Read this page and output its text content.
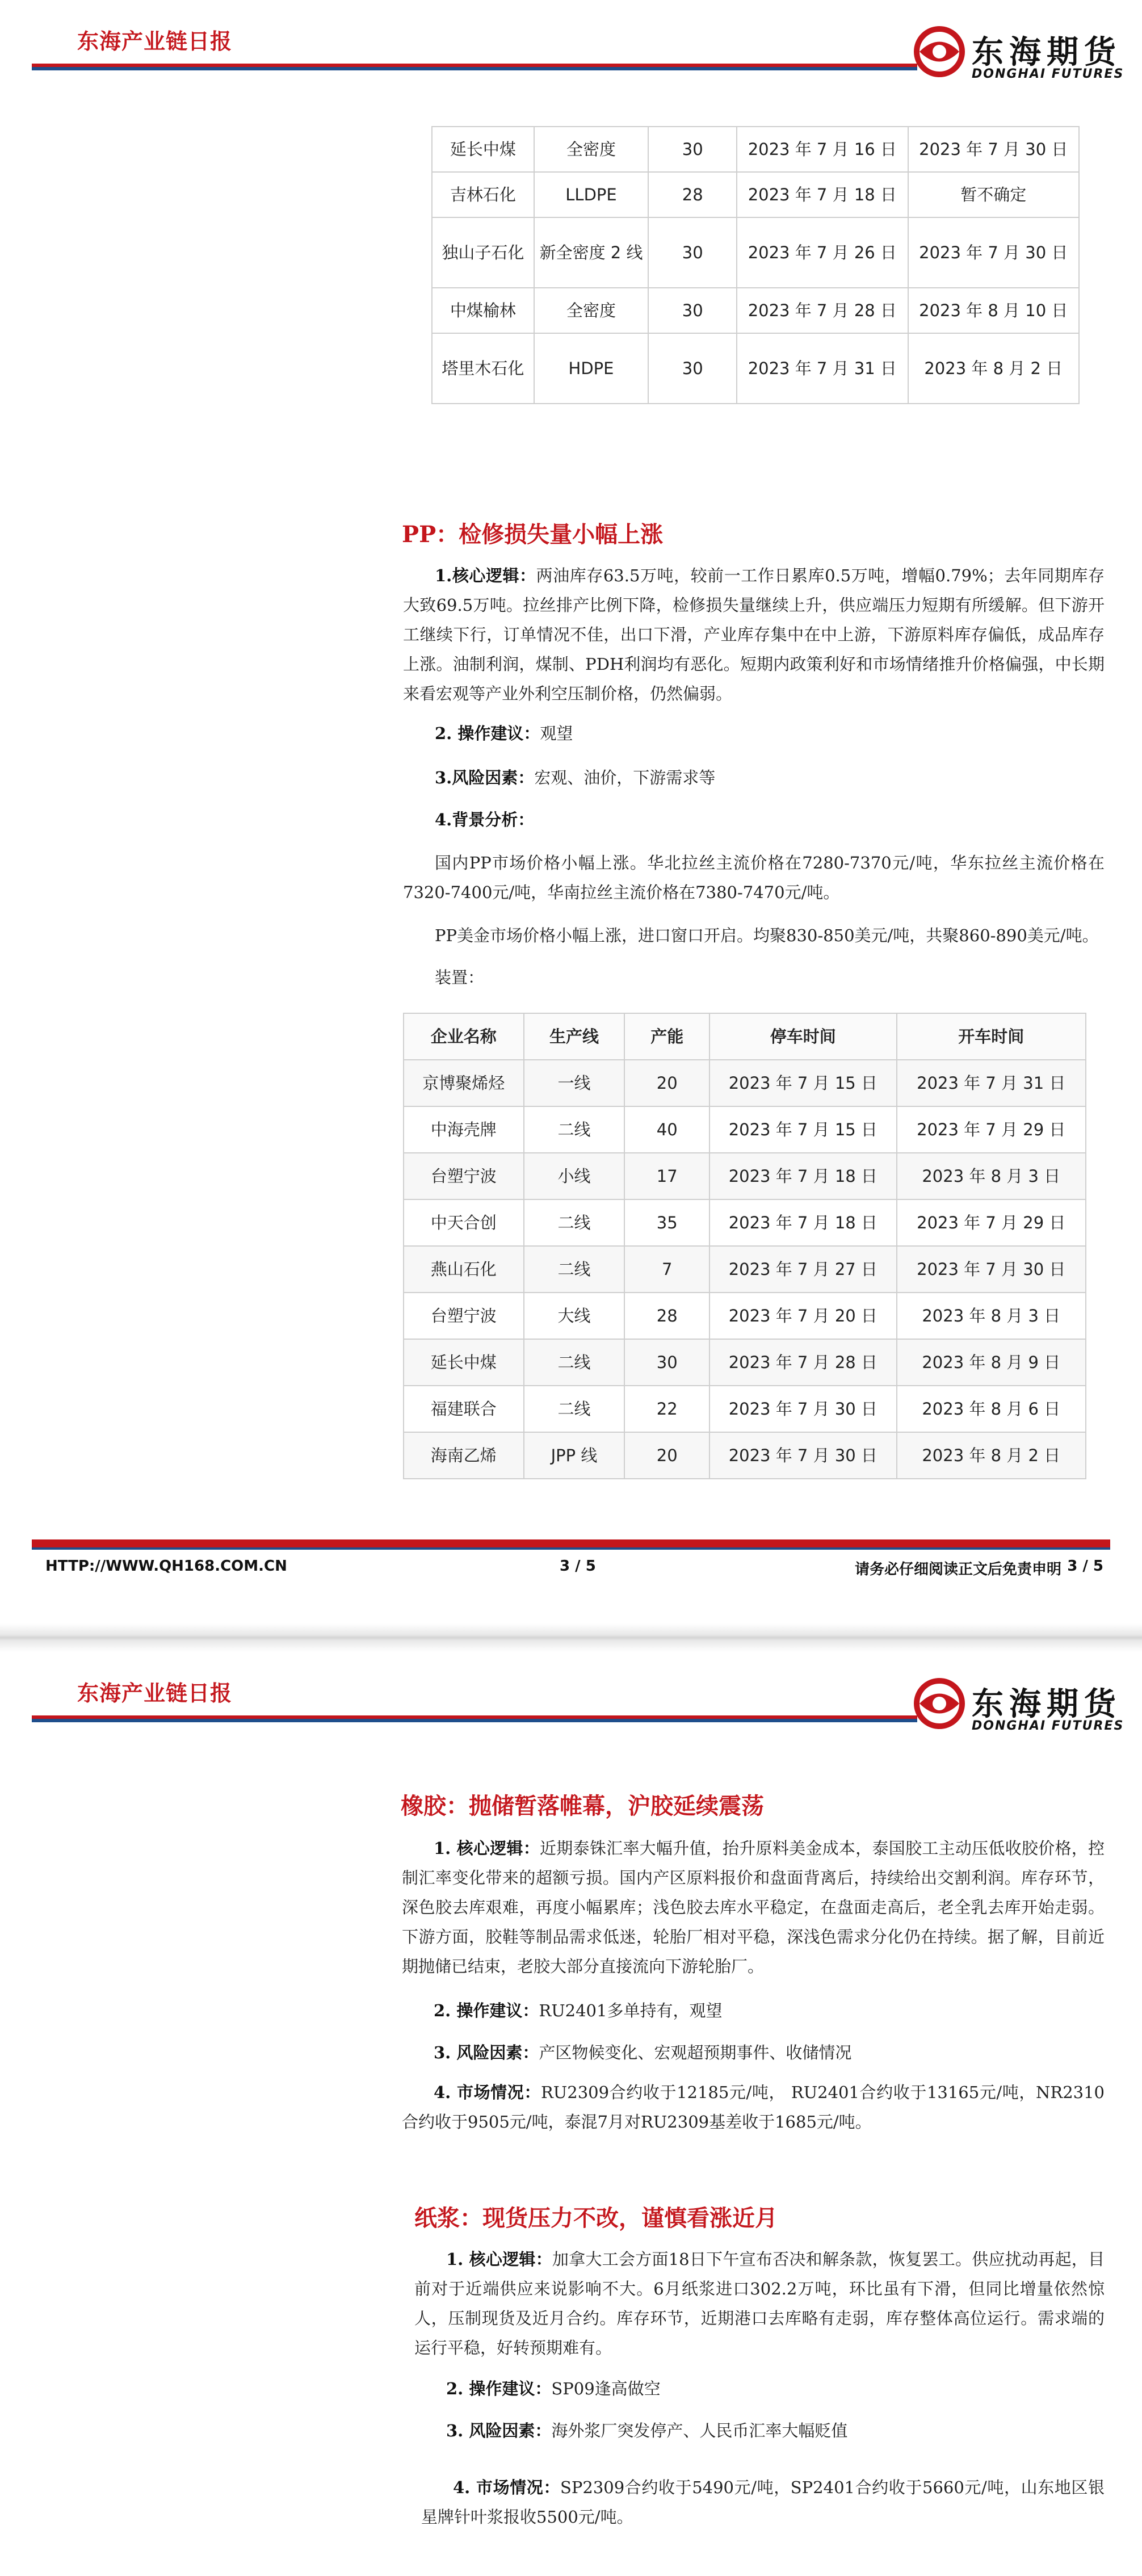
东海产业链日报	东海期货
DONGHAI FUTURES
延长中煤	全密度	30	2023 年 7 月 16 日	2023 年 7 月 30 日
吉林石化	LLDPE	28	2023 年 7 月 18 日	暂不确定
独山子石化	新全密度 2 线	30	2023 年 7 月 26 日	2023 年 7 月 30 日
中煤榆林	全密度	30	2023 年 7 月 28 日	2023 年 8 月 10 日
塔里木石化	HDPE	30	2023 年 7 月 31 日	2023 年 8 月 2 日
PP：检修损失量小幅上涨
1.核心逻辑：两油库存63.5万吨，较前一工作日累库0.5万吨，增幅0.79%；去年同期库存大致69.5万吨。拉丝排产比例下降，检修损失量继续上升，供应端压力短期有所缓解。但下游开工继续下行，订单情况不佳，出口下滑，产业库存集中在中上游，下游原料库存偏低，成品库存上涨。油制利润，煤制、PDH利润均有恶化。短期内政策利好和市场情绪推升价格偏强，中长期来看宏观等产业外利空压制价格，仍然偏弱。
2. 操作建议：观望
3.风险因素：宏观、油价，下游需求等
4.背景分析：
国内PP市场价格小幅上涨。华北拉丝主流价格在7280-7370元/吨，华东拉丝主流价格在7320-7400元/吨，华南拉丝主流价格在7380-7470元/吨。
PP美金市场价格小幅上涨，进口窗口开启。均聚830-850美元/吨，共聚860-890美元/吨。
装置：
企业名称	生产线	产能	停车时间	开车时间
京博聚烯烃	一线	20	2023 年 7 月 15 日	2023 年 7 月 31 日
中海壳牌	二线	40	2023 年 7 月 15 日	2023 年 7 月 29 日
台塑宁波	小线	17	2023 年 7 月 18 日	2023 年 8 月 3 日
中天合创	二线	35	2023 年 7 月 18 日	2023 年 7 月 29 日
燕山石化	二线	7	2023 年 7 月 27 日	2023 年 7 月 30 日
台塑宁波	大线	28	2023 年 7 月 20 日	2023 年 8 月 3 日
延长中煤	二线	30	2023 年 7 月 28 日	2023 年 8 月 9 日
福建联合	二线	22	2023 年 7 月 30 日	2023 年 8 月 6 日
海南乙烯	JPP 线	20	2023 年 7 月 30 日	2023 年 8 月 2 日
HTTP://WWW.QH168.COM.CN	3 / 5	请务必仔细阅读正文后免责申明 3 / 5
东海产业链日报	东海期货
DONGHAI FUTURES
橡胶：抛储暂落帷幕，沪胶延续震荡
1. 核心逻辑：近期泰铢汇率大幅升值，抬升原料美金成本，泰国胶工主动压低收胶价格，控制汇率变化带来的超额亏损。国内产区原料报价和盘面背离后，持续给出交割利润。库存环节，深色胶去库艰难，再度小幅累库；浅色胶去库水平稳定，在盘面走高后，老全乳去库开始走弱。下游方面，胶鞋等制品需求低迷，轮胎厂相对平稳，深浅色需求分化仍在持续。据了解，目前近期抛储已结束，老胶大部分直接流向下游轮胎厂。
2. 操作建议：RU2401多单持有，观望
3. 风险因素：产区物候变化、宏观超预期事件、收储情况
4. 市场情况：RU2309合约收于12185元/吨， RU2401合约收于13165元/吨，NR2310合约收于9505元/吨，泰混7月对RU2309基差收于1685元/吨。
纸浆：现货压力不改，谨慎看涨近月
1. 核心逻辑：加拿大工会方面18日下午宣布否决和解条款，恢复罢工。供应扰动再起，目前对于近端供应来说影响不大。6月纸浆进口302.2万吨，环比虽有下滑，但同比增量依然惊人，压制现货及近月合约。库存环节，近期港口去库略有走弱，库存整体高位运行。需求端的运行平稳，好转预期难有。
2. 操作建议：SP09逢高做空
3. 风险因素：海外浆厂突发停产、人民币汇率大幅贬值
4. 市场情况：SP2309合约收于5490元/吨，SP2401合约收于5660元/吨，山东地区银星牌针叶浆报收5500元/吨。
